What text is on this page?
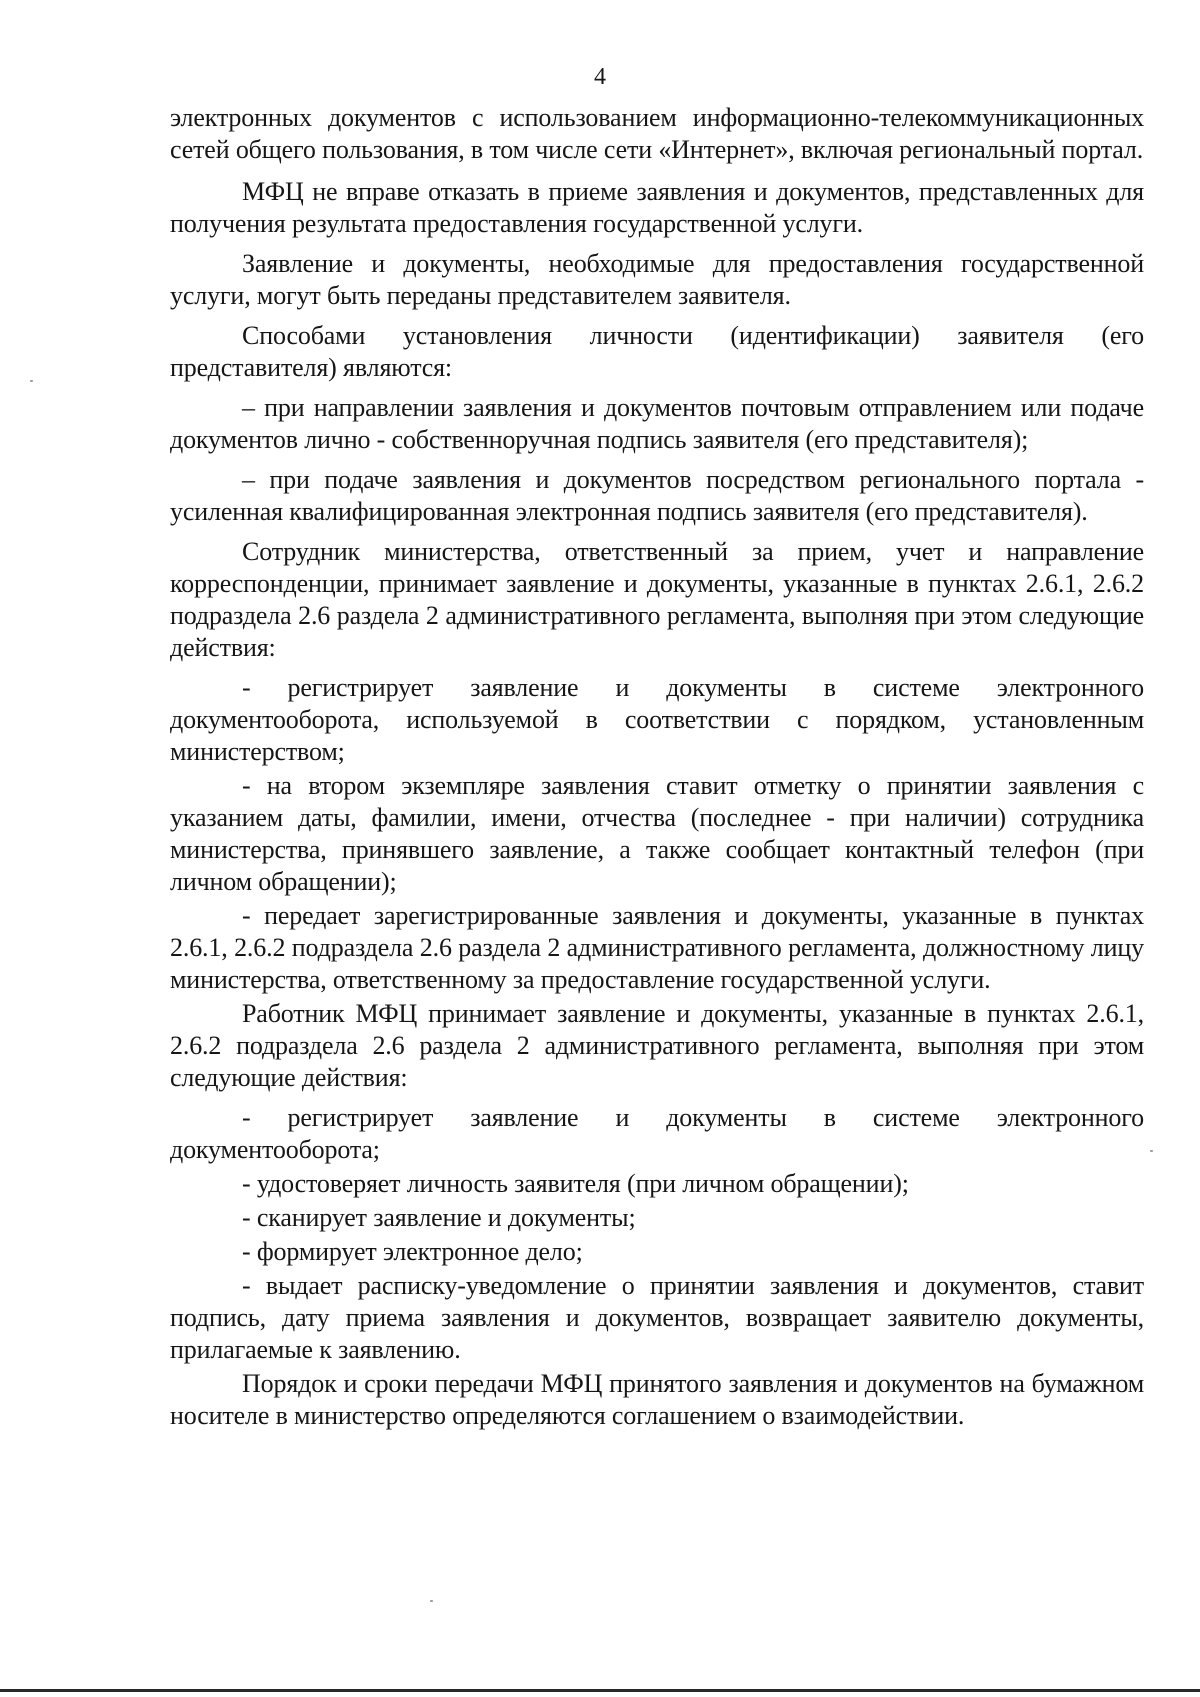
4

электронных документов с использованием информационно-телекоммуникационных сетей общего пользования, в том числе сети «Интернет», включая региональный портал.

МФЦ не вправе отказать в приеме заявления и документов, представленных для получения результата предоставления государственной услуги.

Заявление и документы, необходимые для предоставления государственной услуги, могут быть переданы представителем заявителя.

Способами установления личности (идентификации) заявителя (его представителя) являются:

– при направлении заявления и документов почтовым отправлением или подаче документов лично - собственноручная подпись заявителя (его представителя);

– при подаче заявления и документов посредством регионального портала - усиленная квалифицированная электронная подпись заявителя (его представителя).

Сотрудник министерства, ответственный за прием, учет и направление корреспонденции, принимает заявление и документы, указанные в пунктах 2.6.1, 2.6.2 подраздела 2.6 раздела 2 административного регламента, выполняя при этом следующие действия:

- регистрирует заявление и документы в системе электронного документооборота, используемой в соответствии с порядком, установленным министерством;

- на втором экземпляре заявления ставит отметку о принятии заявления с указанием даты, фамилии, имени, отчества (последнее - при наличии) сотрудника министерства, принявшего заявление, а также сообщает контактный телефон (при личном обращении);

- передает зарегистрированные заявления и документы, указанные в пунктах 2.6.1, 2.6.2 подраздела 2.6 раздела 2 административного регламента, должностному лицу министерства, ответственному за предоставление государственной услуги.

Работник МФЦ принимает заявление и документы, указанные в пунктах 2.6.1, 2.6.2 подраздела 2.6 раздела 2 административного регламента, выполняя при этом следующие действия:

- регистрирует заявление и документы в системе электронного документооборота;

- удостоверяет личность заявителя (при личном обращении);

- сканирует заявление и документы;

- формирует электронное дело;

- выдает расписку-уведомление о принятии заявления и документов, ставит подпись, дату приема заявления и документов, возвращает заявителю документы, прилагаемые к заявлению.

Порядок и сроки передачи МФЦ принятого заявления и документов на бумажном носителе в министерство определяются соглашением о взаимодействии.
